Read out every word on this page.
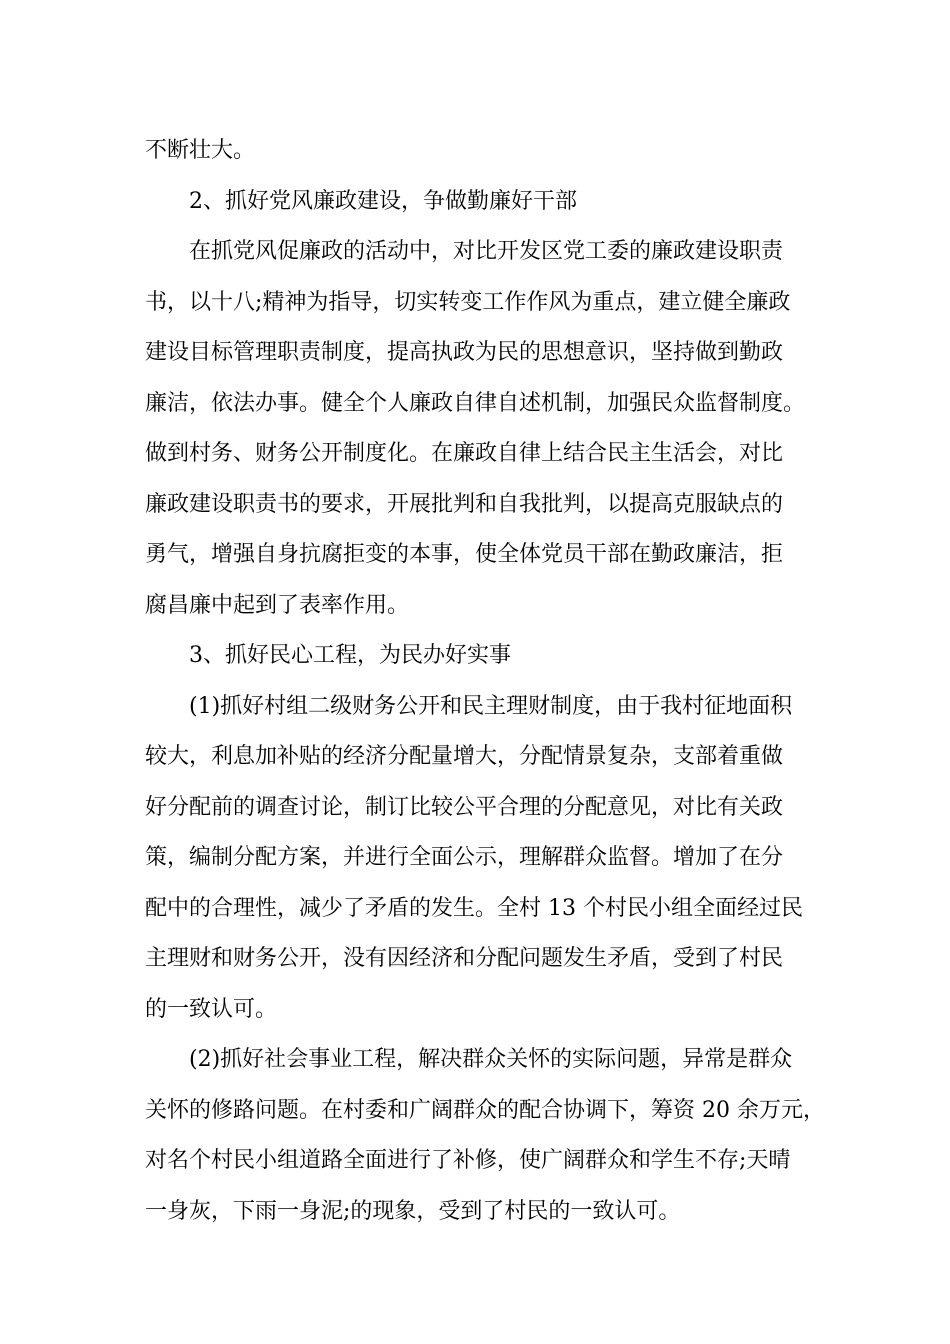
不断壮大。
2、抓好党风廉政建设，争做勤廉好干部
在抓党风促廉政的活动中，对比开发区党工委的廉政建设职责
书，以十八;精神为指导，切实转变工作作风为重点，建立健全廉政
建设目标管理职责制度，提高执政为民的思想意识，坚持做到勤政
廉洁，依法办事。健全个人廉政自律自述机制，加强民众监督制度。
做到村务、财务公开制度化。在廉政自律上结合民主生活会，对比
廉政建设职责书的要求，开展批判和自我批判，以提高克服缺点的
勇气，增强自身抗腐拒变的本事，使全体党员干部在勤政廉洁，拒
腐昌廉中起到了表率作用。
3、抓好民心工程，为民办好实事
(1)抓好村组二级财务公开和民主理财制度，由于我村征地面积
较大，利息加补贴的经济分配量增大，分配情景复杂，支部着重做
好分配前的调查讨论，制订比较公平合理的分配意见，对比有关政
策，编制分配方案，并进行全面公示，理解群众监督。增加了在分
配中的合理性，减少了矛盾的发生。全村 13 个村民小组全面经过民
主理财和财务公开，没有因经济和分配问题发生矛盾，受到了村民
的一致认可。
(2)抓好社会事业工程，解决群众关怀的实际问题，异常是群众
关怀的修路问题。在村委和广阔群众的配合协调下，筹资 20 余万元，
对名个村民小组道路全面进行了补修，使广阔群众和学生不存;天晴
一身灰，下雨一身泥;的现象，受到了村民的一致认可。
